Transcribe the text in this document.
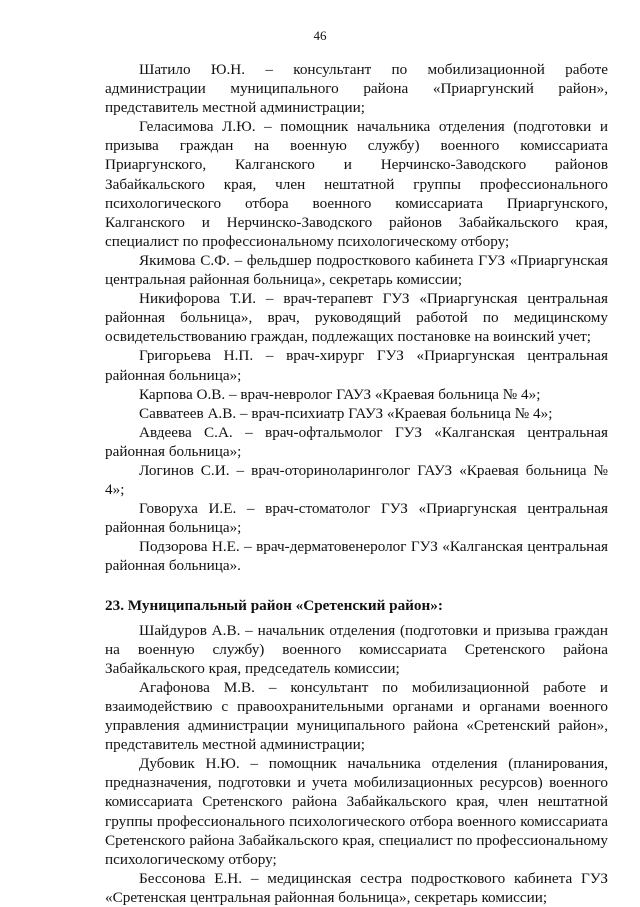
46

Шатило Ю.Н. – консультант по мобилизационной работе администрации муниципального района «Приаргунский район», представитель местной администрации;

Геласимова Л.Ю. – помощник начальника отделения (подготовки и призыва граждан на военную службу) военного комиссариата Приаргунского, Калганского и Нерчинско-Заводского районов Забайкальского края, член нештатной группы профессионального психологического отбора военного комиссариата Приаргунского, Калганского и Нерчинско-Заводского районов Забайкальского края, специалист по профессиональному психологическому отбору;

Якимова С.Ф. – фельдшер подросткового кабинета ГУЗ «Приаргунская центральная районная больница», секретарь комиссии;

Никифорова Т.И. – врач-терапевт ГУЗ «Приаргунская центральная районная больница», врач, руководящий работой по медицинскому освидетельствованию граждан, подлежащих постановке на воинский учет;

Григорьева Н.П. – врач-хирург ГУЗ «Приаргунская центральная районная больница»;

Карпова О.В. – врач-невролог ГАУЗ «Краевая больница № 4»;

Савватеев А.В. – врач-психиатр ГАУЗ «Краевая больница № 4»;

Авдеева С.А. – врач-офтальмолог ГУЗ «Калганская центральная районная больница»;

Логинов С.И. – врач-оториноларинголог ГАУЗ «Краевая больница № 4»;

Говоруха И.Е. – врач-стоматолог ГУЗ «Приаргунская центральная районная больница»;

Подзорова Н.Е. – врач-дерматовенеролог ГУЗ «Калганская центральная районная больница».

23. Муниципальный район «Сретенский район»:

Шайдуров А.В. – начальник отделения (подготовки и призыва граждан на военную службу) военного комиссариата Сретенского района Забайкальского края, председатель комиссии;

Агафонова М.В. – консультант по мобилизационной работе и взаимодействию с правоохранительными органами и органами военного управления администрации муниципального района «Сретенский район», представитель местной администрации;

Дубовик Н.Ю. – помощник начальника отделения (планирования, предназначения, подготовки и учета мобилизационных ресурсов) военного комиссариата Сретенского района Забайкальского края, член нештатной группы профессионального психологического отбора военного комиссариата Сретенского района Забайкальского края, специалист по профессиональному психологическому отбору;

Бессонова Е.Н. – медицинская сестра подросткового кабинета ГУЗ «Сретенская центральная районная больница», секретарь комиссии;
